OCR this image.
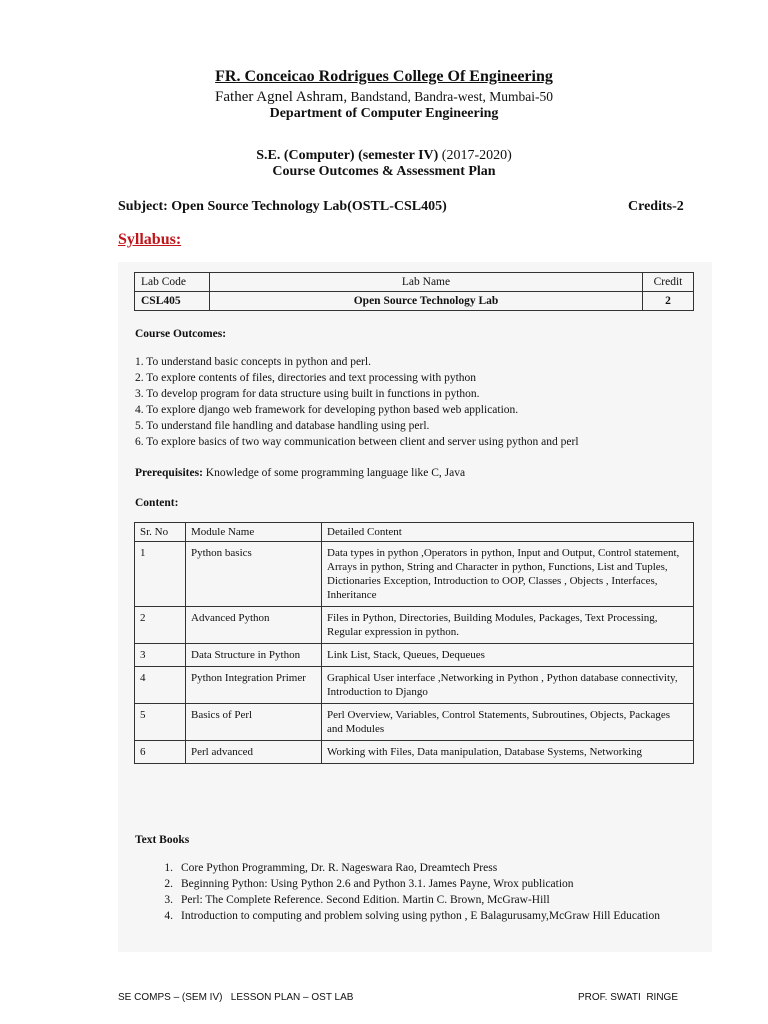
FR. Conceicao Rodrigues College Of Engineering
Father Agnel Ashram, Bandstand, Bandra-west, Mumbai-50
Department of Computer Engineering
S.E. (Computer) (semester IV) (2017-2020)
Course Outcomes & Assessment Plan
Subject: Open Source Technology Lab(OSTL-CSL405)	Credits-2
Syllabus:
Lab Code	Lab Name	Credit
CSL405	Open Source Technology Lab	2
Course Outcomes:
1. To understand basic concepts in python and perl.
2. To explore contents of files, directories and text processing with python
3. To develop program for data structure using built in functions in python.
4. To explore django web framework for developing python based web application.
5. To understand file handling and database handling using perl.
6. To explore basics of two way communication between client and server using python and perl
Prerequisites: Knowledge of some programming language like C, Java
Content:
Sr. No	Module Name	Detailed Content
1	Python basics	Data types in python ,Operators in python, Input and Output, Control statement, Arrays in python, String and Character in python, Functions, List and Tuples, Dictionaries Exception, Introduction to OOP, Classes , Objects , Interfaces, Inheritance
2	Advanced Python	Files in Python, Directories, Building Modules, Packages, Text Processing, Regular expression in python.
3	Data Structure in Python	Link List, Stack, Queues, Dequeues
4	Python Integration Primer	Graphical User interface ,Networking in Python , Python database connectivity, Introduction to Django
5	Basics of Perl	Perl Overview, Variables, Control Statements, Subroutines, Objects, Packages and Modules
6	Perl advanced	Working with Files, Data manipulation, Database Systems, Networking
Text Books
1. Core Python Programming, Dr. R. Nageswara Rao, Dreamtech Press
2. Beginning Python: Using Python 2.6 and Python 3.1. James Payne, Wrox publication
3. Perl: The Complete Reference. Second Edition. Martin C. Brown, McGraw-Hill
4. Introduction to computing and problem solving using python , E Balagurusamy,McGraw Hill Education
SE COMPS – (SEM IV)   LESSON PLAN – OST LAB	PROF. SWATI  RINGE
